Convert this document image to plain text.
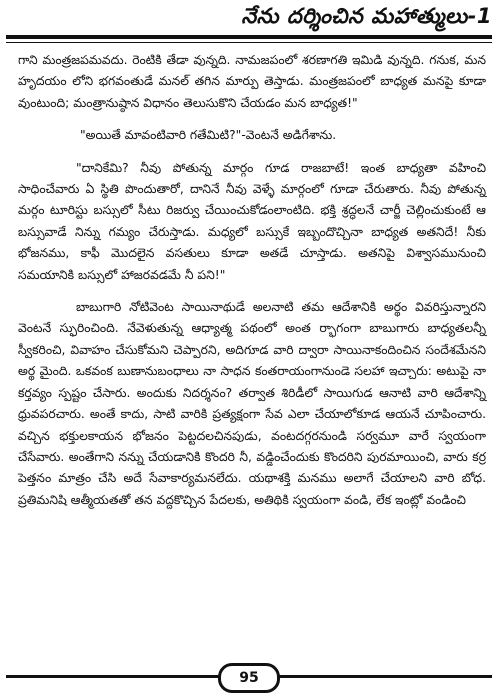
నేను దర్శించిన మహాత్ములు-1

గాని మంత్రజపమవదు. రెంటికి తేడా వున్నది. నామజపంలో శరణాగతి ఇమిడి వున్నది. గనుక, మన హృదయం లోని భగవంతుడే మనల్ తగిన మార్పు తెస్తాడు. మంత్రజపంలో బాధ్యత మనపై కూడా వుంటుంది; మంత్రానుష్ఠాన విధానం తెలుసుకొని చేయడం మన బాధ్యత!"

"అయితే మావంటివారి గతేమిటి?"-వెంటనే అడిగేశాను.

"దానికేమి? నీవు పోతున్న మార్గం గూడ రాజబాటే! ఇంత బాధ్యతా వహించి సాధించేవారు ఏ స్థితి పొందుతారో, దానినే నీవు వెళ్ళే మార్గంలో గూడా చేరుతారు. నీవు పోతున్న మర్గం టూరిస్టు బస్సులో సీటు రిజర్వు చేయించుకోడంలాంటిది. భక్తి శ్రద్ధలనే చార్జీ చెల్లించుకుంటే ఆ బస్సువాడే నిన్ను గమ్యం చేరుస్తాడు. మధ్యలో బస్సుకే ఇబ్బందొచ్చినా బాధ్యత అతనిదే! నీకు భోజనము, కాఫీ మొదలైన వసతులు కూడా అతడే చూస్తాడు. అతనిపై విశ్వాసమునుంచి సమయానికి బస్సులో హాజరవడమే నీ పని!"

బాబుగారి నోటివెంట సాయినాథుడే అలనాటి తమ ఆదేశానికి అర్థం వివరిస్తున్నారని వెంటనే స్ఫురించింది. నేవెళుతున్న ఆధ్యాత్మ పథంలో అంత ర్భాగంగా బాబుగారు బాధ్యతలన్నీ స్వీకరించి, వివాహం చేసుకోమని చెప్పారని, అదిగూడ వారి ద్వారా సాయినాకందించిన సందేశమేనని అర్థ మైంది. ఒకవంక బుణానుబంధాలు నా సాధన కంతరాయంగానుండె సలహా ఇచ్చారు: అటుపై నా కర్తవ్యం స్పష్టం చేసారు. అందుకు నిదర్శనం? తర్వాత శిరిడీలో సాయిగుడ ఆనాటి వారి ఆదేశాన్ని ధ్రువపరచారు. అంతే కాదు, సాటి వారికి ప్రత్యక్షంగా సేవ ఎలా చేయాలోకూడ ఆయనే చూపించారు. వచ్చిన భక్తులకాయన భోజనం పెట్టదలచినపుడు, వంటదగ్గరనుండి సర్వమూ వారే స్వయంగా చేసేవారు. అంతేగాని నన్ను చేయడానికి కొందరి నీ, వడ్డించేందుకు కొందరిని పురమాయించి, వారు కర్ర పెత్తనం మాత్రం చేసి అదే సేవాకార్యమనలేదు. యథాశక్తి మనము అలాగే చేయాలని వారి బోధ. ప్రతిమనిషి ఆత్మీయతతో తన వద్దకొచ్చిన పేదలకు, అతిథికి స్వయంగా వండి, లేక ఇంట్లో వండించి

95
